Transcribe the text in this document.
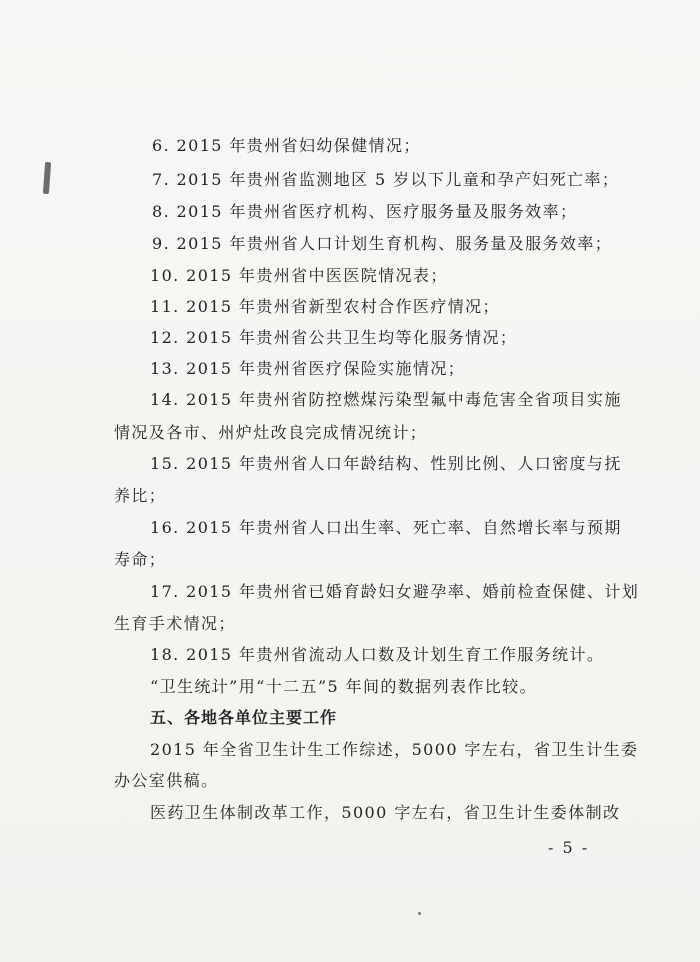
6. 2015 年贵州省妇幼保健情况；
7. 2015 年贵州省监测地区 5 岁以下儿童和孕产妇死亡率；
8. 2015 年贵州省医疗机构、医疗服务量及服务效率；
9. 2015 年贵州省人口计划生育机构、服务量及服务效率；
10. 2015 年贵州省中医医院情况表；
11. 2015 年贵州省新型农村合作医疗情况；
12. 2015 年贵州省公共卫生均等化服务情况；
13. 2015 年贵州省医疗保险实施情况；
14. 2015 年贵州省防控燃煤污染型氟中毒危害全省项目实施
情况及各市、州炉灶改良完成情况统计；
15. 2015 年贵州省人口年龄结构、性别比例、人口密度与抚
养比；
16. 2015 年贵州省人口出生率、死亡率、自然增长率与预期
寿命；
17. 2015 年贵州省已婚育龄妇女避孕率、婚前检查保健、计划
生育手术情况；
18. 2015 年贵州省流动人口数及计划生育工作服务统计。
“卫生统计”用“十二五”5 年间的数据列表作比较。
五、各地各单位主要工作
2015 年全省卫生计生工作综述，5000 字左右，省卫生计生委
办公室供稿。
医药卫生体制改革工作，5000 字左右，省卫生计生委体制改
- 5 -
